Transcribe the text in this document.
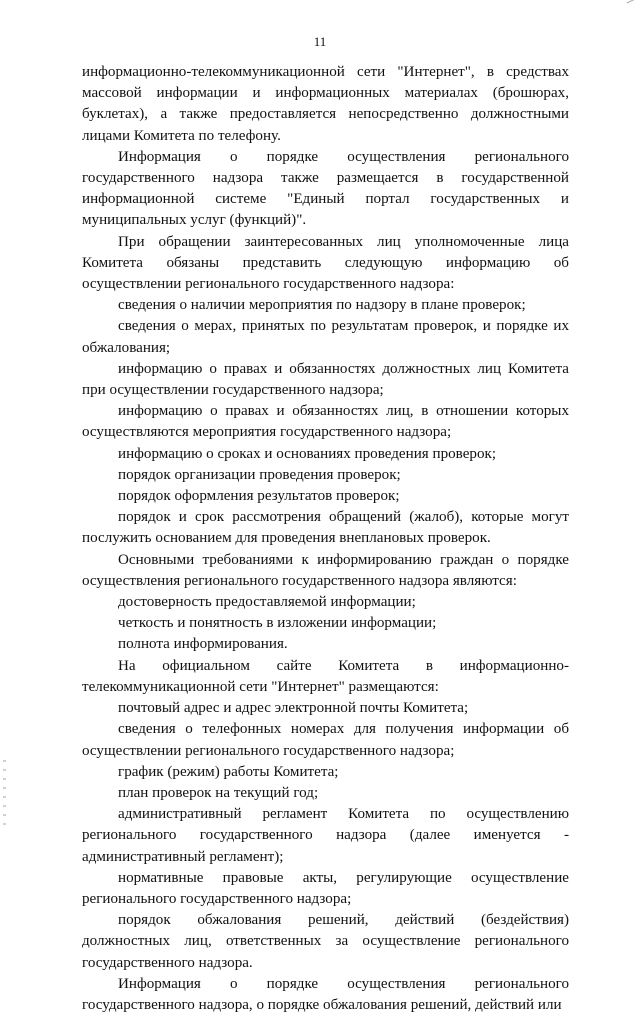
11

информационно-телекоммуникационной сети "Интернет", в средствах массовой информации и информационных материалах (брошюрах, буклетах), а также предоставляется непосредственно должностными лицами Комитета по телефону.

Информация о порядке осуществления регионального государственного надзора также размещается в государственной информационной системе "Единый портал государственных и муниципальных услуг (функций)".

При обращении заинтересованных лиц уполномоченные лица Комитета обязаны представить следующую информацию об осуществлении регионального государственного надзора:

сведения о наличии мероприятия по надзору в плане проверок;

сведения о мерах, принятых по результатам проверок, и порядке их обжалования;

информацию о правах и обязанностях должностных лиц Комитета при осуществлении государственного надзора;

информацию о правах и обязанностях лиц, в отношении которых осуществляются мероприятия государственного надзора;

информацию о сроках и основаниях проведения проверок;

порядок организации проведения проверок;

порядок оформления результатов проверок;

порядок и срок рассмотрения обращений (жалоб), которые могут послужить основанием для проведения внеплановых проверок.

Основными требованиями к информированию граждан о порядке осуществления регионального государственного надзора являются:

достоверность предоставляемой информации;

четкость и понятность в изложении информации;

полнота информирования.

На официальном сайте Комитета в информационно-телекоммуникационной сети "Интернет" размещаются:

почтовый адрес и адрес электронной почты Комитета;

сведения о телефонных номерах для получения информации об осуществлении регионального государственного надзора;

график (режим) работы Комитета;

план проверок на текущий год;

административный регламент Комитета по осуществлению регионального государственного надзора (далее именуется - административный регламент);

нормативные правовые акты, регулирующие осуществление регионального государственного надзора;

порядок обжалования решений, действий (бездействия) должностных лиц, ответственных за осуществление регионального государственного надзора.

Информация о порядке осуществления регионального государственного надзора, о порядке обжалования решений, действий или
